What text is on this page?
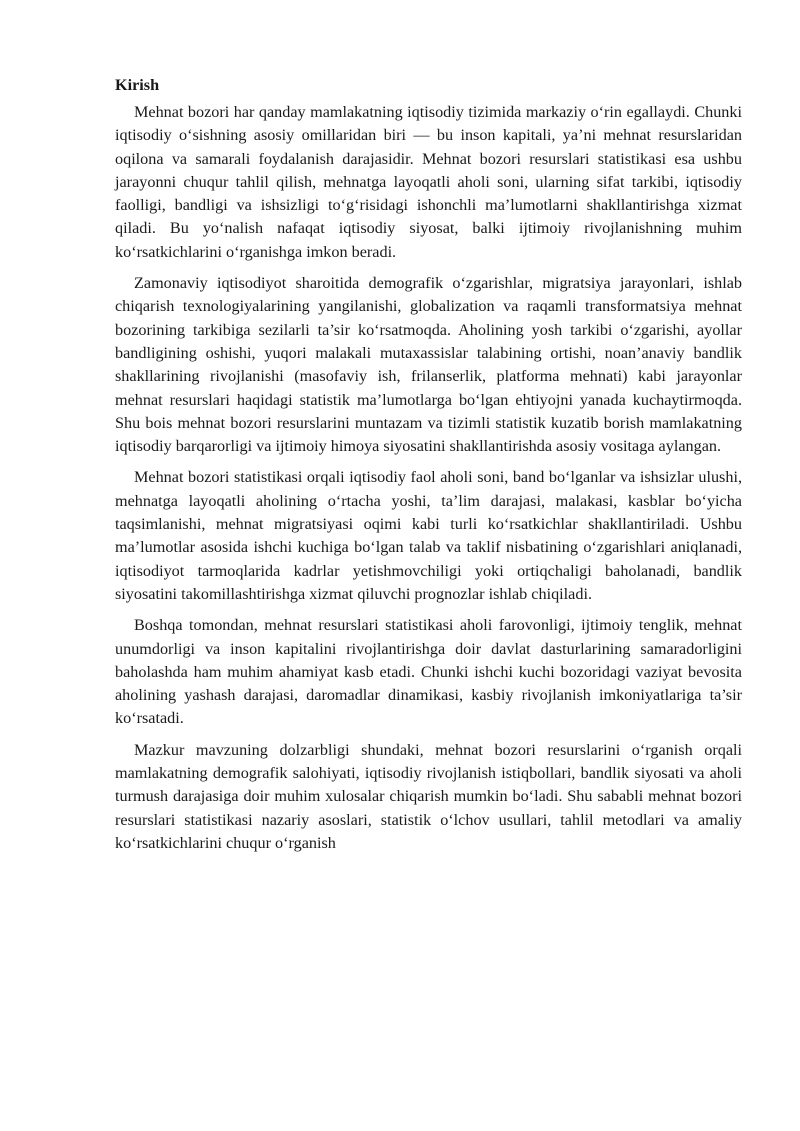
Kirish

Mehnat bozori har qanday mamlakatning iqtisodiy tizimida markaziy o‘rin egallaydi. Chunki iqtisodiy o‘sishning asosiy omillaridan biri — bu inson kapitali, ya’ni mehnat resurslaridan oqilona va samarali foydalanish darajasidir. Mehnat bozori resurslari statistikasi esa ushbu jarayonni chuqur tahlil qilish, mehnatga layoqatli aholi soni, ularning sifat tarkibi, iqtisodiy faolligi, bandligi va ishsizligi to‘g‘risidagi ishonchli ma’lumotlarni shakllantirishga xizmat qiladi. Bu yo‘nalish nafaqat iqtisodiy siyosat, balki ijtimoiy rivojlanishning muhim ko‘rsatkichlarini o‘rganishga imkon beradi.

Zamonaviy iqtisodiyot sharoitida demografik o‘zgarishlar, migratsiya jarayonlari, ishlab chiqarish texnologiyalarining yangilanishi, globalization va raqamli transformatsiya mehnat bozorining tarkibiga sezilarli ta’sir ko‘rsatmoqda. Aholining yosh tarkibi o‘zgarishi, ayollar bandligining oshishi, yuqori malakali mutaxassislar talabining ortishi, noan’anaviy bandlik shakllarining rivojlanishi (masofaviy ish, frilanserlik, platforma mehnati) kabi jarayonlar mehnat resurslari haqidagi statistik ma’lumotlarga bo‘lgan ehtiyojni yanada kuchaytirmoqda. Shu bois mehnat bozori resurslarini muntazam va tizimli statistik kuzatib borish mamlakatning iqtisodiy barqarorligi va ijtimoiy himoya siyosatini shakllantirishda asosiy vositaga aylangan.

Mehnat bozori statistikasi orqali iqtisodiy faol aholi soni, band bo‘lganlar va ishsizlar ulushi, mehnatga layoqatli aholining o‘rtacha yoshi, ta’lim darajasi, malakasi, kasblar bo‘yicha taqsimlanishi, mehnat migratsiyasi oqimi kabi turli ko‘rsatkichlar shakllantiriladi. Ushbu ma’lumotlar asosida ishchi kuchiga bo‘lgan talab va taklif nisbatining o‘zgarishlari aniqlanadi, iqtisodiyot tarmoqlarida kadrlar yetishmovchiligi yoki ortiqchaligi baholanadi, bandlik siyosatini takomillashtirishga xizmat qiluvchi prognozlar ishlab chiqiladi.

Boshqa tomondan, mehnat resurslari statistikasi aholi farovonligi, ijtimoiy tenglik, mehnat unumdorligi va inson kapitalini rivojlantirishga doir davlat dasturlarining samaradorligini baholashda ham muhim ahamiyat kasb etadi. Chunki ishchi kuchi bozoridagi vaziyat bevosita aholining yashash darajasi, daromadlar dinamikasi, kasbiy rivojlanish imkoniyatlariga ta’sir ko‘rsatadi.

Mazkur mavzuning dolzarbligi shundaki, mehnat bozori resurslarini o‘rganish orqali mamlakatning demografik salohiyati, iqtisodiy rivojlanish istiqbollari, bandlik siyosati va aholi turmush darajasiga doir muhim xulosalar chiqarish mumkin bo‘ladi. Shu sababli mehnat bozori resurslari statistikasi nazariy asoslari, statistik o‘lchov usullari, tahlil metodlari va amaliy ko‘rsatkichlarini chuqur o‘rganish
